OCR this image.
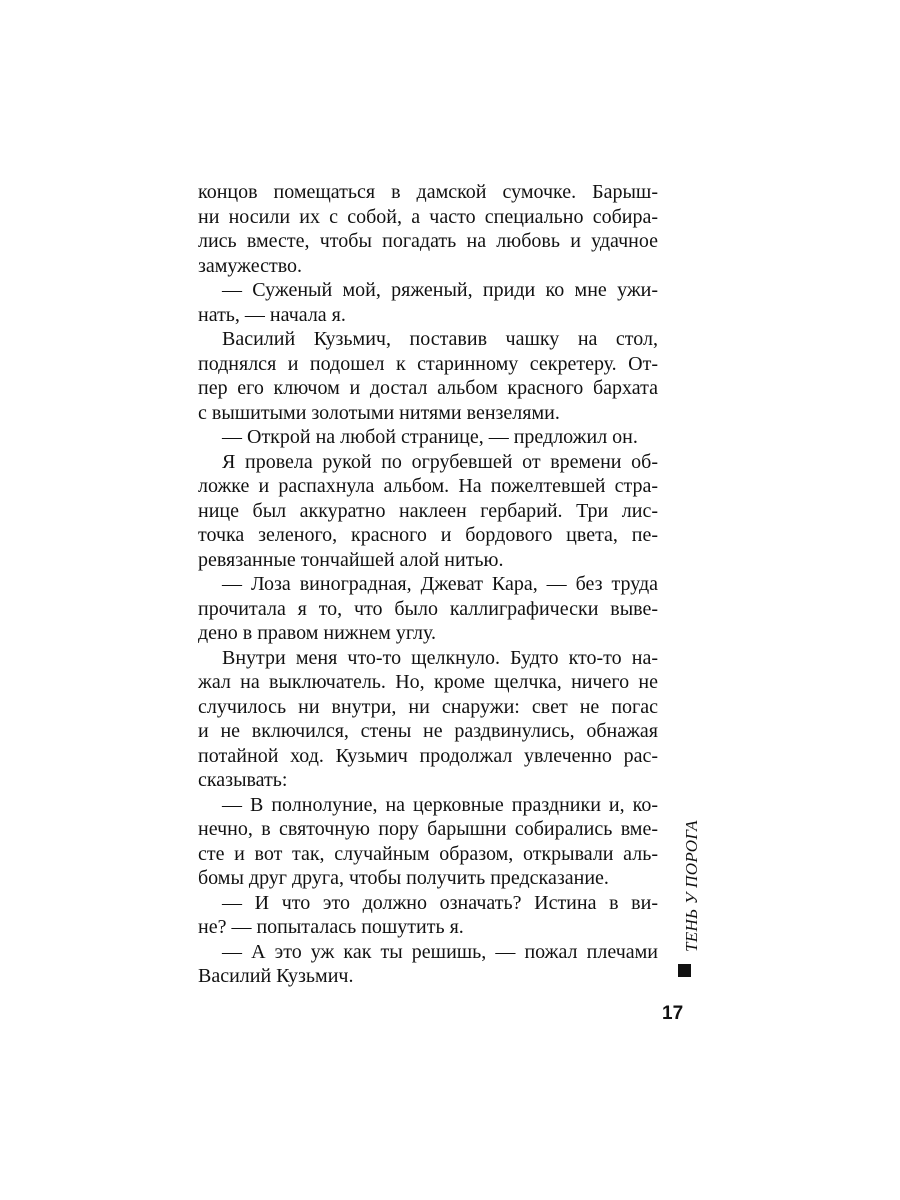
концов помещаться в дамской сумочке. Барыш-
ни носили их с собой, а часто специально собира-
лись вместе, чтобы погадать на любовь и удачное
замужество.
— Суженый мой, ряженый, приди ко мне ужи-
нать, — начала я.
Василий Кузьмич, поставив чашку на стол,
поднялся и подошел к старинному секретеру. От-
пер его ключом и достал альбом красного бархата
с вышитыми золотыми нитями вензелями.
— Открой на любой странице, — предложил он.
Я провела рукой по огрубевшей от времени об-
ложке и распахнула альбом. На пожелтевшей стра-
нице был аккуратно наклеен гербарий. Три лис-
точка зеленого, красного и бордового цвета, пе-
ревязанные тончайшей алой нитью.
— Лоза виноградная, Джеват Кара, — без труда
прочитала я то, что было каллиграфически выве-
дено в правом нижнем углу.
Внутри меня что-то щелкнуло. Будто кто-то на-
жал на выключатель. Но, кроме щелчка, ничего не
случилось ни внутри, ни снаружи: свет не погас
и не включился, стены не раздвинулись, обнажая
потайной ход. Кузьмич продолжал увлеченно рас-
сказывать:
— В полнолуние, на церковные праздники и, ко-
нечно, в святочную пору барышни собирались вме-
сте и вот так, случайным образом, открывали аль-
бомы друг друга, чтобы получить предсказание.
— И что это должно означать? Истина в ви-
не? — попыталась пошутить я.
— А это уж как ты решишь, — пожал плечами
Василий Кузьмич.
ТЕНЬ У ПОРОГА
17
